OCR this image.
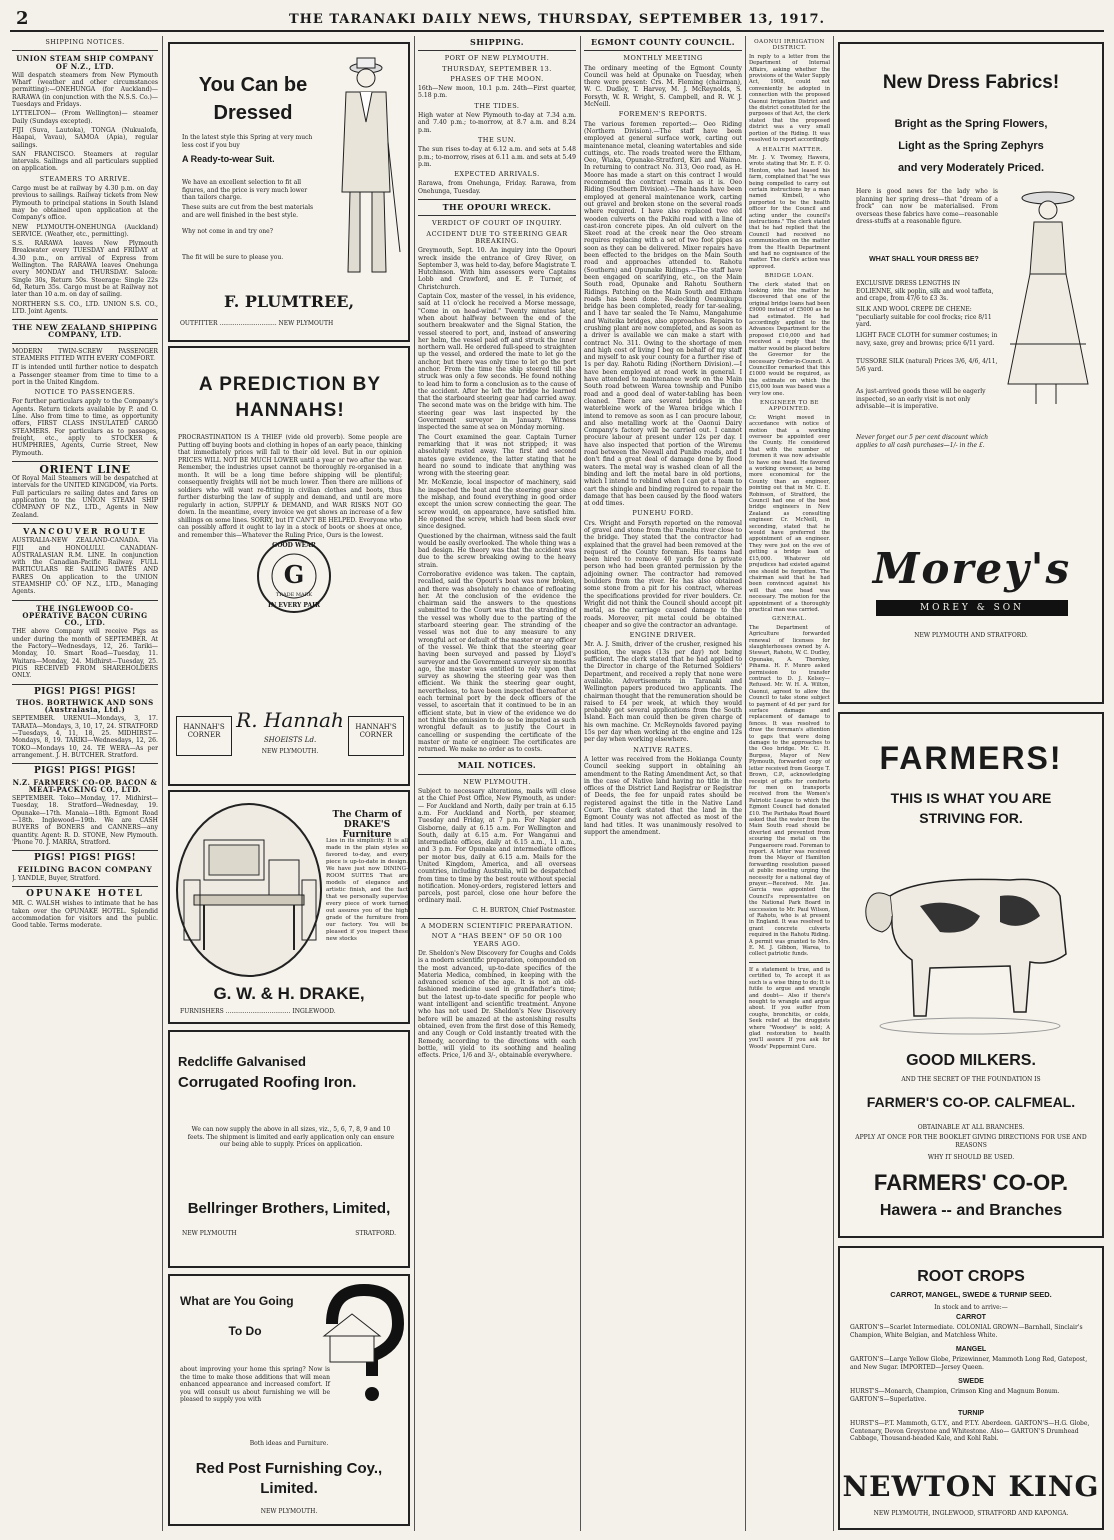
2	THE TARANAKI DAILY NEWS, THURSDAY, SEPTEMBER 13, 1917.
SHIPPING NOTICES.
UNION STEAM SHIP COMPANY OF N.Z., LTD.

Will despatch steamers from New Plymouth Wharf (weather and other circumstances permitting):—ONEHUNGA (for Auckland)—RARAWA (in conjunction with the N.S.S. Co.)—Tuesdays and Fridays.

LYTTELTON— (From Wellington)— steamer Daily (Sundays excepted).

FIJI (Suva, Lautoka), TONGA (Nukualofa, Haapai, Vavau), SAMOA (Apia), regular sailings.

SAN FRANCISCO. Steamers at regular intervals. Sailings and all particulars supplied on application.

STEAMERS TO ARRIVE.

Cargo must be at railway by 4.30 p.m. on day previous to sailings. Railway tickets from New Plymouth to principal stations in South Island may be obtained upon application at the Company's office.

NEW PLYMOUTH-ONEHUNGA (Auckland) SERVICE. (Weather, etc., permitting).

S.S. RARAWA leaves New Plymouth Breakwater every TUESDAY and FRIDAY at 4.30 p.m., on arrival of Express from Wellington. The RARAWA leaves Onehunga every MONDAY and THURSDAY. Saloon: Single 30s, Return 50s. Steerage: Single 22s 6d, Return 35s. Cargo must be at Railway not later than 10 a.m. on day of sailing.

NORTHERN S.S. CO., LTD. UNION S.S. CO., LTD. Joint Agents.

THE NEW ZEALAND SHIPPING COMPANY, LTD.

MODERN TWIN-SCREW PASSENGER STEAMERS FITTED WITH EVERY COMFORT.

IT is intended until further notice to despatch a Passenger steamer from time to time to a port in the United Kingdom.

NOTICE TO PASSENGERS.

For further particulars apply to the Company's Agents. Return tickets available by P. and O. Line. Also from time to time, as opportunity offers, FIRST CLASS INSULATED CARGO STEAMERS. For particulars as to passages, freight, etc., apply to STOCKER & HUMPHRIES, Agents, Currie Street, New Plymouth.

ORIENT LINE

Of Royal Mail Steamers will be despatched at intervals for the UNITED KINGDOM, via Ports. Full particulars re sailing dates and fares on application to the UNION STEAM SHIP COMPANY OF N.Z., LTD., Agents in New Zealand.

VANCOUVER ROUTE

AUSTRALIA-NEW ZEALAND-CANADA. Via FIJI and HONOLULU. CANADIAN-AUSTRALASIAN R.M. LINE. In conjunction with the Canadian-Pacific Railway. FULL PARTICULARS RE SAILING DATES AND FARES On application to the UNION STEAMSHIP CO. OF N.Z., LTD., Managing Agents.

THE INGLEWOOD CO-OPERATIVE BACON CURING CO., LTD.

THE above Company will receive Pigs as under during the month of SEPTEMBER. At the Factory—Wednesdays, 12, 26. Tariki—Monday, 10. Smart Road—Tuesday, 11. Waitara—Monday, 24. Midhirst—Tuesday, 25. PIGS RECEIVED FROM SHAREHOLDERS ONLY.

PIGS! PIGS! PIGS!
THOS. BORTHWICK AND SONS (Australasia, Ltd.)

SEPTEMBER. URENUI—Mondays, 3, 17. TARATA—Mondays, 3, 10, 17, 24. STRATFORD—Tuesdays, 4, 11, 18, 25. MIDHIRST—Mondays, 8, 19. TARIKI—Wednesdays, 12, 26. TOKO—Mondays 10, 24. TE WERA—As per arrangement. J. H. BUTCHER. Stratford.

PIGS! PIGS! PIGS!
N.Z. FARMERS' CO-OP. BACON & MEAT-PACKING CO., LTD.

SEPTEMBER. Toko—Monday, 17. Midhirst—Tuesday, 18. Stratford—Wednesday, 19. Opunake—17th. Manaia—18th. Egmont Road—18th. Inglewood—19th. We are CASH BUYERS of BONERS and CANNERS—any quantity. Agent: R. D. STONE, New Plymouth. 'Phone 70. J. MARRA, Stratford.

PIGS! PIGS! PIGS!
FEILDING BACON COMPANY

J. YANDLE, Buyer, Stratford.

OPUNAKE HOTEL

MR. C. WALSH wishes to intimate that he has taken over the OPUNAKE HOTEL. Splendid accommodation for visitors and the public. Good table. Terms moderate.

You Can be
Dressed
In the latest style this Spring at very much less cost if you buy
A Ready-to-wear Suit.
We have an excellent selection to fit all figures, and the price is very much lower than tailors charge.
These suits are cut from the best materials and are well finished in the best style.
Why not come in and try one?
The fit will be sure to please you.
F. PLUMTREE,
OUTFITTER .............................. NEW PLYMOUTH
A PREDICTION BY HANNAHS!
PROCRASTINATION IS A THIEF (vide old proverb). Some people are Putting off buying boots and clothing in hopes of an early peace, thinking that immediately prices will fall to their old level. But in our opinion PRICES WILL NOT BE MUCH LOWER until a year or two after the war. Remember, the industries upset cannot be thoroughly re-organised in a month. It will be a long time before shipping will be plentiful; consequently freights will not be much lower. Then there are millions of soldiers who will want re-fitting in civilian clothes and boots, thus further disturbing the law of supply and demand, and until are more regularly in action, SUPPLY & DEMAND, and WAR RISKS NOT GO down. In the meantime, every invoice we get shows an increase of a few shillings on some lines. SORRY, but IT CAN'T BE HELPED. Everyone who can possibly afford it ought to lay in a stock of boots or shoes at once, and remember this—Whatever the Ruling Price, Ours is the lowest.
GOOD WEAR
G
TRADE MARK
IN EVERY PAIR
HANNAH'S CORNER
HANNAH'S CORNER
R. Hannah
SHOEISTS Ld.
NEW PLYMOUTH.
The Charm of DRAKE'S Furniture
Lies in its simplicity. It is all made in the plain styles so favored to-day, and every piece is up-to-date in design. We have just now DINING-ROOM SUITES That are models of elegance and artistic finish, and the fact that we personally supervise every piece of work turned out assures you of the high grade of the furniture from our factory. You will be pleased if you inspect these new stocks
G. W. & H. DRAKE,
FURNISHERS .................................. INGLEWOOD.
Redcliffe Galvanised
Corrugated Roofing Iron.
We can now supply the above in all sizes, viz., 5, 6, 7, 8, 9 and 10 feets. The shipment is limited and early application only can ensure our being able to supply. Prices on application.
Bellringer Brothers, Limited,
NEW PLYMOUTH	STRATFORD.
What are You Going
To Do
about improving your home this spring? Now is the time to make those additions that will mean enhanced appearance and increased comfort. If you will consult us about furnishing we will be pleased to supply you with
Both ideas and Furniture.
Red Post Furnishing Coy.,
Limited.
NEW PLYMOUTH.
SHIPPING.
PORT OF NEW PLYMOUTH.
THURSDAY, SEPTEMBER 13.
PHASES OF THE MOON.

16th—New moon, 10.1 p.m. 24th—First quarter, 5.18 p.m.

THE TIDES.

High water at New Plymouth to-day at 7.34 a.m. and 7.40 p.m.; to-morrow, at 8.7 a.m. and 8.24 p.m.

THE SUN.

The sun rises to-day at 6.12 a.m. and sets at 5.48 p.m.; to-morrow, rises at 6.11 a.m. and sets at 5.49 p.m.

EXPECTED ARRIVALS.

Rarawa, from Onehunga, Friday. Rarawa, from Onehunga, Tuesday.

THE OPOURI WRECK.
VERDICT OF COURT OF INQUIRY.
ACCIDENT DUE TO STEERING GEAR BREAKING.

Greymouth, Sept. 10. An inquiry into the Opouri wreck inside the entrance of Grey River, on September 3, was held to-day, before Magistrate T. Hutchinson. With him assessors were Captains Lobb and Crawford, and E. P. Turner, of Christchurch.

Captain Cox, master of the vessel, in his evidence, said at 11 o'clock he received a Morse message, "Come in on head-wind." Twenty minutes later, when about halfway between the end of the southern breakwater and the Signal Station, the vessel steered to port, and, instead of answering her helm, the vessel paid off and struck the inner northern wall. He ordered full-speed to straighten up the vessel, and ordered the mate to let go the anchor, but there was only time to let go the port anchor. From the time the ship steered till she struck was only a few seconds. He found nothing to lead him to form a conclusion as to the cause of the accident. After he left the bridge he learned that the starboard steering gear had carried away. The second mate was on the bridge with him. The steering gear was last inspected by the Government surveyor in January. Witness inspected the same at sea on Monday morning.

The Court examined the gear. Captain Turner remarking that it was not stripped; it was absolutely rusted away. The first and second mates gave evidence, the latter stating that he heard no sound to indicate that anything was wrong with the steering gear.

Mr. McKenzie, local inspector of machinery, said he inspected the boat and the steering gear since the mishap, and found everything in good order except the union screw connecting the gear. The screw would, on appearance, have satisfied him. He opened the screw, which had been slack ever since designed.

Questioned by the chairman, witness said the fault would be easily overlooked. The whole thing was a bad design. He theory was that the accident was due to the screw breaking owing to the heavy strain.

Corroborative evidence was taken. The captain, recalled, said the Opouri's boat was now broken, and there was absolutely no chance of refloating her. At the conclusion of the evidence the chairman said the answers to the questions submitted to the Court was that the stranding of the vessel was wholly due to the parting of the starboard steering gear. The stranding of the vessel was not due to any measure to any wrongful act or default of the master or any officer of the vessel. We think that the steering gear having been surveyed and passed by Lloyd's surveyor and the Government surveyor six months ago, the master was entitled to rely upon that survey as showing the steering gear was then efficient. We think the steering gear ought, nevertheless, to have been inspected thereafter at each terminal port by the deck officers of the vessel, to ascertain that it continued to be in an efficient state, but in view of the evidence we do not think the omission to do so be imputed as such wrongful default as to justify the Court in cancelling or suspending the certificate of the master or mate or engineer. The certificates are returned. We make no order as to costs.

MAIL NOTICES.
NEW PLYMOUTH.

Subject to necessary alterations, mails will close at the Chief Post Office, New Plymouth, as under:— For Auckland and North, daily per train at 6.15 a.m. For Auckland and North, per steamer, Tuesday and Friday, at 7 p.m. For Napier and Gisborne, daily at 6.15 a.m. For Wellington and South, daily at 6.15 a.m. For Wanganui and intermediate offices, daily at 6.15 a.m., 11 a.m., and 3 p.m. For Opunake and intermediate offices per motor bus, daily at 6.15 a.m. Mails for the United Kingdom, America, and all overseas countries, including Australia, will be despatched from time to time by the best route without special notification. Money-orders, registered letters and parcels, post parcel, close one hour before the ordinary mail.

C. H. BURTON, Chief Postmaster.

A MODERN SCIENTIFIC PREPARATION.
NOT A "HAS BEEN" OF 50 OR 100 YEARS AGO.

Dr. Sheldon's New Discovery for Coughs and Colds is a modern scientific preparation, compounded on the most advanced, up-to-date specifics of the Materia Medica, combined, in keeping with the advanced science of the age. It is not an old-fashioned medicine used in grandfather's time; but the latest up-to-date specific for people who want intelligent and scientific treatment. Anyone who has not used Dr. Sheldon's New Discovery before will be amazed at the astonishing results obtained, even from the first dose of this Remedy, and any Cough or Cold instantly treated with the Remedy, according to the directions with each bottle, will yield to its soothing and healing effects. Price, 1/6 and 3/-, obtainable everywhere.

EGMONT COUNTY COUNCIL.
MONTHLY MEETING

The ordinary meeting of the Egmont County Council was held at Opunake on Tuesday, when there were present: Crs. M. Fleming (chairman), W. C. Dudley, T. Harvey, M. J. McReynolds, S. Forsyth, W. R. Wright, S. Campbell, and R. W. J. McNeill.

FOREMEN'S REPORTS.

The various foremen reported:— Oeo Riding (Northern Division).—The staff have been employed at general surface work, carting out maintenance metal, cleaning watertables and side cuttings, etc. The roads treated were the Eltham, Oeo, Wiaka, Opunake-Stratford, Kiri and Waimo. In returning to contract No. 313, Oeo road, as H. Moore has made a start on this contract I would recommend the contract remain as it is. Oeo Riding (Southern Division).—The hands have been employed at general maintenance work, carting out gravel and broken stone on the several roads where required. I have also replaced two old wooden culverts on the Pakihi road with a line of cast-iron concrete pipes. An old culvert on the Skeet road at the creek near the Oeo stream requires replacing with a set of two foot pipes as soon as they can be delivered. Mixer repairs have been effected to the bridges on the Main South road and approaches attended to. Rahotu (Southern) and Opunake Ridings.—The staff have been engaged on scarifying, etc., on the Main South road, Opunake and Rahotu Southern Ridings. Patching on the Main South and Eltham roads has been done. Re-decking Oeamukupu bridge has been completed, ready for tar-sealing, and I have tar sealed the Te Namu, Mangahume and Waiteika bridges, also approaches. Repairs to crushing plant are now completed, and as soon as a driver is available we can make a start with contract No. 311. Owing to the shortage of men and high cost of living I beg on behalf of my staff and myself to ask your county for a further rise of 1s per day. Rahotu Riding (Northern Division).—I have been employed at road work in general. I have attended to maintenance work on the Main South road between Warea township and Punibo road and a good deal of water-tabling has been cleaned. There are several bridges in the waterbleine work of the Warea bridge which I intend to remove as soon as I can procure labour, and also metalling work at the Oaonui Dairy Company's factory will be carried out. I cannot procure labour at present under 12s per day. I have also inspected that portion of the Wiremu road between the Newall and Punibo roads, and I don't find a great deal of damage done by flood waters. The metal way is washed clean of all the binding and left the metal bare in old portions, which I intend to reblind when I can get a team to cart the shingle and binding required to repair the damage that has been caused by the flood waters at odd times.

PUNEHU FORD.

Crs. Wright and Forsyth reported on the removal of gravel and stone from the Punehu river close to the bridge. They stated that the contractor had explained that the gravel had been removed at the request of the County foreman. His teams had been hired to remove 40 yards for a private person who had been granted permission by the adjoining owner. The contractor had removed boulders from the river. He has also obtained some stone from a pit for his contract, whereas the specifications provided for river boulders. Cr. Wright did not think the Council should accept pit metal, as the carriage caused damage to the roads. Moreover, pit metal could be obtained cheaper and so give the contractor an advantage.

ENGINE DRIVER.

Mr. A. J. Smith, driver of the crusher, resigned his position, the wages (13s per day) not being sufficient. The clerk stated that he had applied to the Director in charge of the Returned Soldiers' Department, and received a reply that none were available. Advertisements in Taranaki and Wellington papers produced two applicants. The chairman thought that the remuneration should be raised to £4 per week, at which they would probably get several applications from the South Island. Each man could then be given charge of his own machine. Cr. McReynolds favored paying 15s per day when working at the engine and 12s per day when working elsewhere.

NATIVE RATES.

A letter was received from the Hokianga County Council seeking support in obtaining an amendment to the Rating Amendment Act, so that in the case of Native land having no title in the offices of the District Land Registrar or Registrar of Deeds, the fee for unpaid rates should be registered against the title in the Native Land Court. The clerk stated that the land in the Egmont County was not affected as most of the land had titles. It was unanimously resolved to support the amendment.

OAONUI IRRIGATION DISTRICT.

In reply to a letter from the Department of Internal Affairs, asking whether the provisions of the Water Supply Act, 1908, could not conveniently be adopted in connection with the proposed Oaonui Irrigation District and the district constituted for the purposes of that Act, the clerk stated that the proposed district was a very small portion of the Riding. It was resolved to report accordingly.

A HEALTH MATTER.

Mr. J. V. Twomey, Hawera, wrote stating that Mr. E. F. O. Henton, who had leased his farm, complained that "he was being compelled to carry out certain instructions by a man named Kimbell, who purported to be the health officer for the Council and acting under the council's instructions." The clerk stated that he had replied that the Council had received no communication on the matter from the Health Department and had no cognisance of the matter. The clerk's action was approved.

BRIDGE LOAN.

The clerk stated that on looking into the matter he discovered that one of the original bridge loans had been £9000 instead of £5000 as he had estimated. He had accordingly applied to the Advances Department for the proposed £10,000 and had received a reply that the matter would be placed before the Governor for the necessary Order-in-Council. A Councillor remarked that this £1000 would be required, as the estimate on which the £15,000 loan was based was a very low one.

ENGINEER TO BE APPOINTED.

Cr. Wright moved in accordance with notice of motion that a working overseer be appointed over the County. He considered that with the number of foremen it was now advisable to have one head. He favored a working overseer, as being more economical for the County than an engineer, pointing out that in Mr. C. E. Robinson, of Stratford, the Council had one of the best bridge engineers in New Zealand as consulting engineer. Cr. McNeill, in seconding, stated that he would have preferred the appointment of an engineer. They were just on the eve of getting a bridge loan of £15,000. Whatever old prejudices had existed against one should be forgotten. The chairman said that he had been convinced against his will that one head was necessary. The motion for the appointment of a thoroughly practical man was carried.

GENERAL.

The Department of Agriculture forwarded renewal of licenses for slaughterhouses owned by A. Stewart, Rahotu, W. C. Dudley, Opunake, A. Thornley, Pihama. H. F. Munro asked permission to transfer contract to D. J. Kelsey—Refused. Mr. W. H. A. Wilton, Oaonui, agreed to allow the Council to take stone subject to payment of 4d per yard for surface damage and replacement of damage to fences. It was resolved to draw the foreman's attention to gaps that were doing damage to the approaches to the Oeo bridge. Mr. C. H. Burgess, Mayor of New Plymouth, forwarded copy of letter received from George T. Brown, C.P., acknowledging receipt of gifts for comforts for men on transports received from the Women's Patriotic League to which the Egmont Council had donated £10. The Parihaka Road Board asked that the water from the Main South road should be diverted and prevented from scouring the metal on the Pungaereere road. Foreman to report. A letter was received from the Mayor of Hamilton forwarding resolution passed at public meeting urging the necessity for a national day of prayer.—Received. Mr. Jas. Garcia was appointed the Council's representative on the National Park Board in succession to Mr. Paul Wilson, of Rahotu, who is at present in England. It was resolved to grant concrete culverts required in the Rahotu Riding. A permit was granted to Mrs. E. M. J. Gibbon, Warea, to collect patriotic funds.

If a statement is true, and is certified to, To accept it as such is a wise thing to do; It is futile to argue and wrangle and doubt— Also if there's nought to wrangle and argue about. If you suffer from coughs, bronchitis, or colds, Seek relief at the druggists where "Woodsey" is sold; A glad restoration to health you'll assure If you ask for Woods' Peppermint Cure.

New Dress Fabrics!
Bright as the Spring Flowers,
Light as the Spring Zephyrs
and very Moderately Priced.
Here is good news for the lady who is planning her spring dress—that "dream of a frock" can now be materialised. From overseas these fabrics have come—reasonable dress-stuffs at a reasonable figure.
WHAT SHALL YOUR DRESS BE?
EXCLUSIVE DRESS LENGTHS IN EOLIENNE, silk poplin, silk and wool taffeta, and crape, from 47/6 to £3 3s.
SILK AND WOOL CREPE DE CHENE: "peculiarly suitable for cool frocks; rice 8/11 yard.
LIGHT FACE CLOTH for summer costumes; in navy, saxe, grey and browns; price 6/11 yard.
TUSSORE SILK (natural) Prices 3/6, 4/6, 4/11, 5/6 yard.
As just-arrived goods these will be eagerly inspected, so an early visit is not only advisable—it is imperative.
Never forget our 5 per cent discount which applies to all cash purchases—1/- in the £.
Morey's
MOREY & SON
NEW PLYMOUTH AND STRATFORD.
FARMERS!
THIS IS WHAT YOU ARE
STRIVING FOR.
GOOD MILKERS.
AND THE SECRET OF THE FOUNDATION IS
FARMER'S CO-OP. CALFMEAL.
OBTAINABLE AT ALL BRANCHES.
APPLY AT ONCE FOR THE BOOKLET GIVING DIRECTIONS FOR USE AND REASONS
WHY IT SHOULD BE USED.
FARMERS' CO-OP.
Hawera -- and Branches
ROOT CROPS
CARROT, MANGEL, SWEDE & TURNIP SEED.
In stock and to arrive:—
CARROT
GARTON'S—Scarlet Intermediate. COLONIAL GROWN—Barnhall, Sinclair's Champion, White Belgian, and Matchless White.
MANGEL
GARTON'S—Large Yellow Globe, Prizewinner, Mammoth Long Red, Gatepost, and New Sugar. IMPORTED—Jersey Queen.
SWEDE
HURST'S—Monarch, Champion, Crimson King and Magnum Bonum. GARTON'S—Superlative.
TURNIP
HURST'S—P.T. Mammoth, G.T.Y., and P.T.Y. Aberdeen. GARTON'S—H.G. Globe, Centenary, Devon Greystone and Whitestone. Also— GARTON'S Drumhead Cabbage, Thousand-headed Kale, and Kohl Rabi.
NEWTON KING
NEW PLYMOUTH, INGLEWOOD, STRATFORD AND KAPONGA.
